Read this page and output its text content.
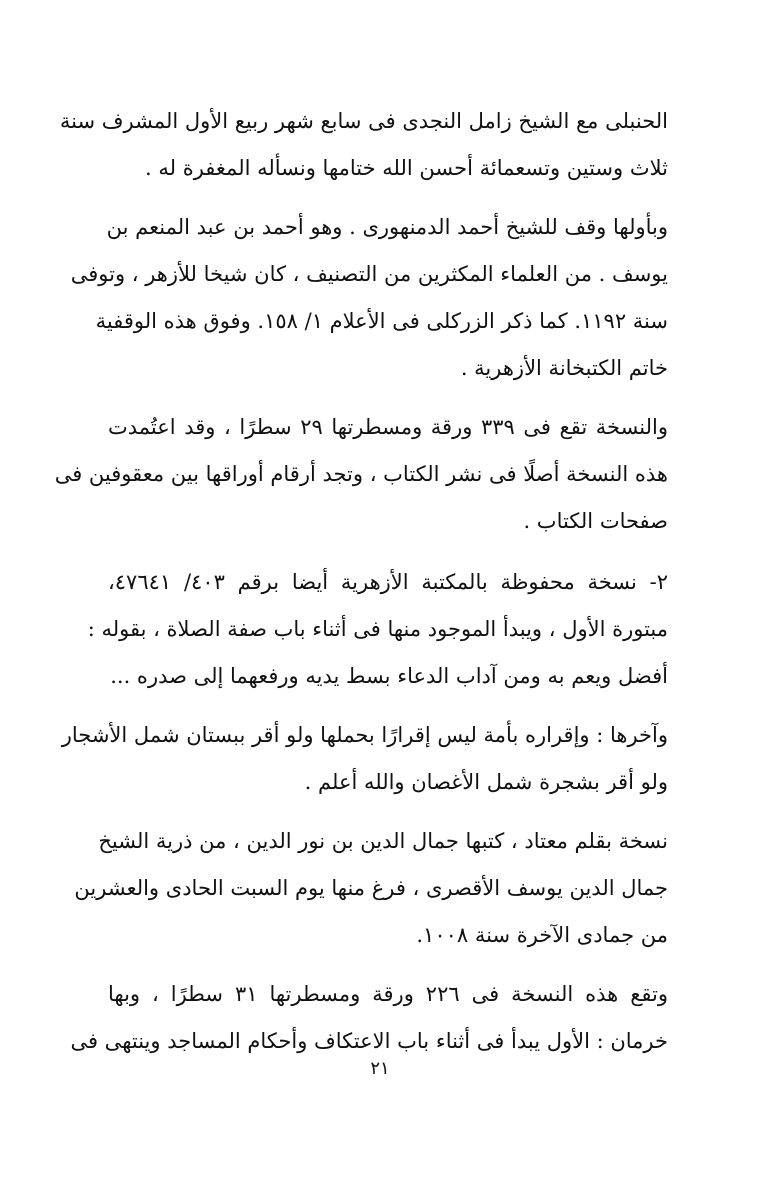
الحنبلى مع الشيخ زامل النجدى فى سابع شهر ربيع الأول المشرف سنة
ثلاث وستين وتسعمائة أحسن الله ختامها ونسأله المغفرة له .

وبأولها وقف للشيخ أحمد الدمنهورى . وهو أحمد بن عبد المنعم بن
يوسف . من العلماء المكثرين من التصنيف ، كان شيخا للأزهر ، وتوفى
سنة ١١٩٢. كما ذكر الزركلى فى الأعلام ١/ ١٥٨. وفوق هذه الوقفية
خاتم الكتبخانة الأزهرية .

والنسخة تقع فى ٣٣٩ ورقة ومسطرتها ٢٩ سطرًا ، وقد اعتُمدت
هذه النسخة أصلًا فى نشر الكتاب ، وتجد أرقام أوراقها بين معقوفين فى
صفحات الكتاب .

٢- نسخة محفوظة بالمكتبة الأزهرية أيضا برقم ٤٠٣/ ٤٧٦٤١،
مبتورة الأول ، ويبدأ الموجود منها فى أثناء باب صفة الصلاة ، بقوله :
أفضل ويعم به ومن آداب الدعاء بسط يديه ورفعهما إلى صدره ...

وآخرها : وإقراره بأمة ليس إقرارًا بحملها ولو أقر ببستان شمل الأشجار
ولو أقر بشجرة شمل الأغصان والله أعلم .

نسخة بقلم معتاد ، كتبها جمال الدين بن نور الدين ، من ذرية الشيخ
جمال الدين يوسف الأقصرى ، فرغ منها يوم السبت الحادى والعشرين
من جمادى الآخرة سنة ١٠٠٨.

وتقع هذه النسخة فى ٢٢٦ ورقة ومسطرتها ٣١ سطرًا ، وبها
خرمان : الأول يبدأ فى أثناء باب الاعتكاف وأحكام المساجد وينتهى فى

٢١
